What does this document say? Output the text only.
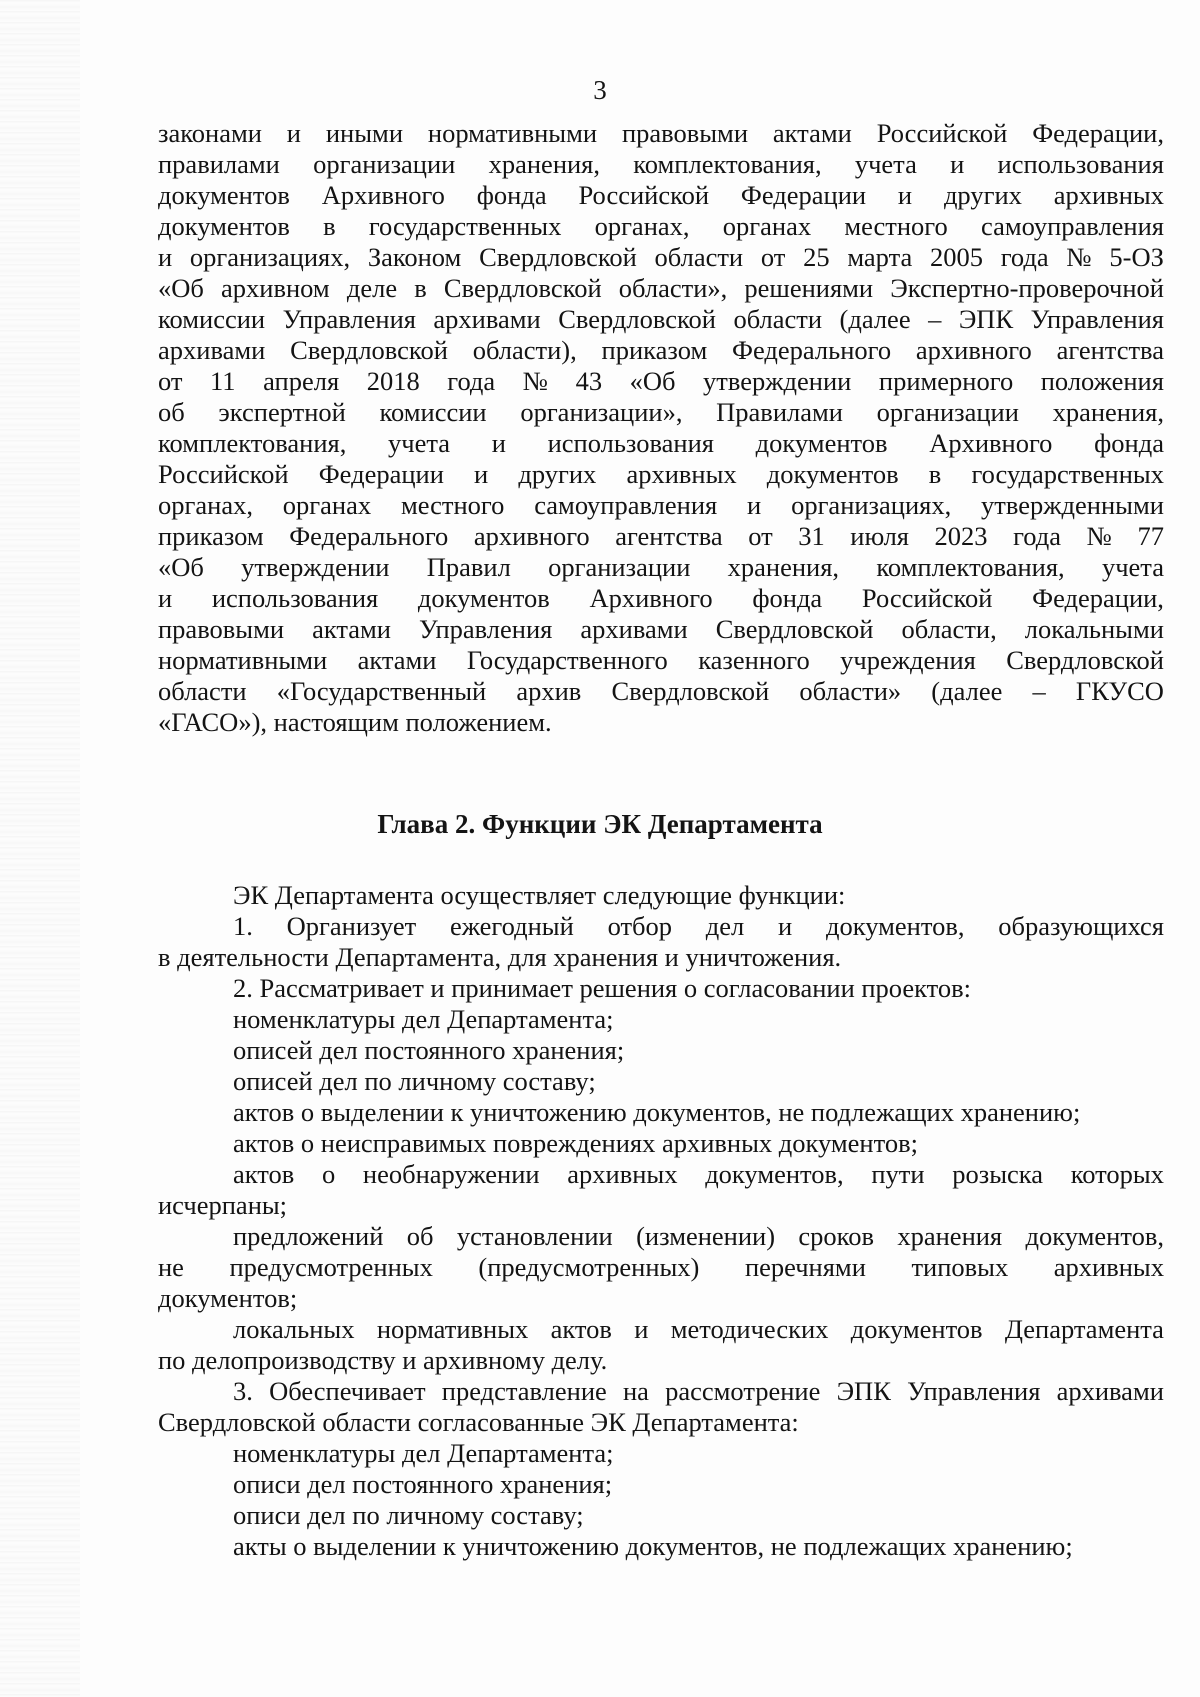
3
законами и иными нормативными правовыми актами Российской Федерации,
правилами организации хранения, комплектования, учета и использования
документов Архивного фонда Российской Федерации и других архивных
документов в государственных органах, органах местного самоуправления
и организациях, Законом Свердловской области от 25 марта 2005 года № 5-ОЗ
«Об архивном деле в Свердловской области», решениями Экспертно-проверочной
комиссии Управления архивами Свердловской области (далее – ЭПК Управления
архивами Свердловской области), приказом Федерального архивного агентства
от 11 апреля 2018 года № 43 «Об утверждении примерного положения
об экспертной комиссии организации», Правилами организации хранения,
комплектования, учета и использования документов Архивного фонда
Российской Федерации и других архивных документов в государственных
органах, органах местного самоуправления и организациях, утвержденными
приказом Федерального архивного агентства от 31 июля 2023 года № 77
«Об утверждении Правил организации хранения, комплектования, учета
и использования документов Архивного фонда Российской Федерации,
правовыми актами Управления архивами Свердловской области, локальными
нормативными актами Государственного казенного учреждения Свердловской
области «Государственный архив Свердловской области» (далее – ГКУСО
«ГАСО»), настоящим положением.
Глава 2. Функции ЭК Департамента
ЭК Департамента осуществляет следующие функции:
1. Организует ежегодный отбор дел и документов, образующихся
в деятельности Департамента, для хранения и уничтожения.
2. Рассматривает и принимает решения о согласовании проектов:
номенклатуры дел Департамента;
описей дел постоянного хранения;
описей дел по личному составу;
актов о выделении к уничтожению документов, не подлежащих хранению;
актов о неисправимых повреждениях архивных документов;
актов о необнаружении архивных документов, пути розыска которых
исчерпаны;
предложений об установлении (изменении) сроков хранения документов,
не предусмотренных (предусмотренных) перечнями типовых архивных
документов;
локальных нормативных актов и методических документов Департамента
по делопроизводству и архивному делу.
3. Обеспечивает представление на рассмотрение ЭПК Управления архивами
Свердловской области согласованные ЭК Департамента:
номенклатуры дел Департамента;
описи дел постоянного хранения;
описи дел по личному составу;
акты о выделении к уничтожению документов, не подлежащих хранению;
